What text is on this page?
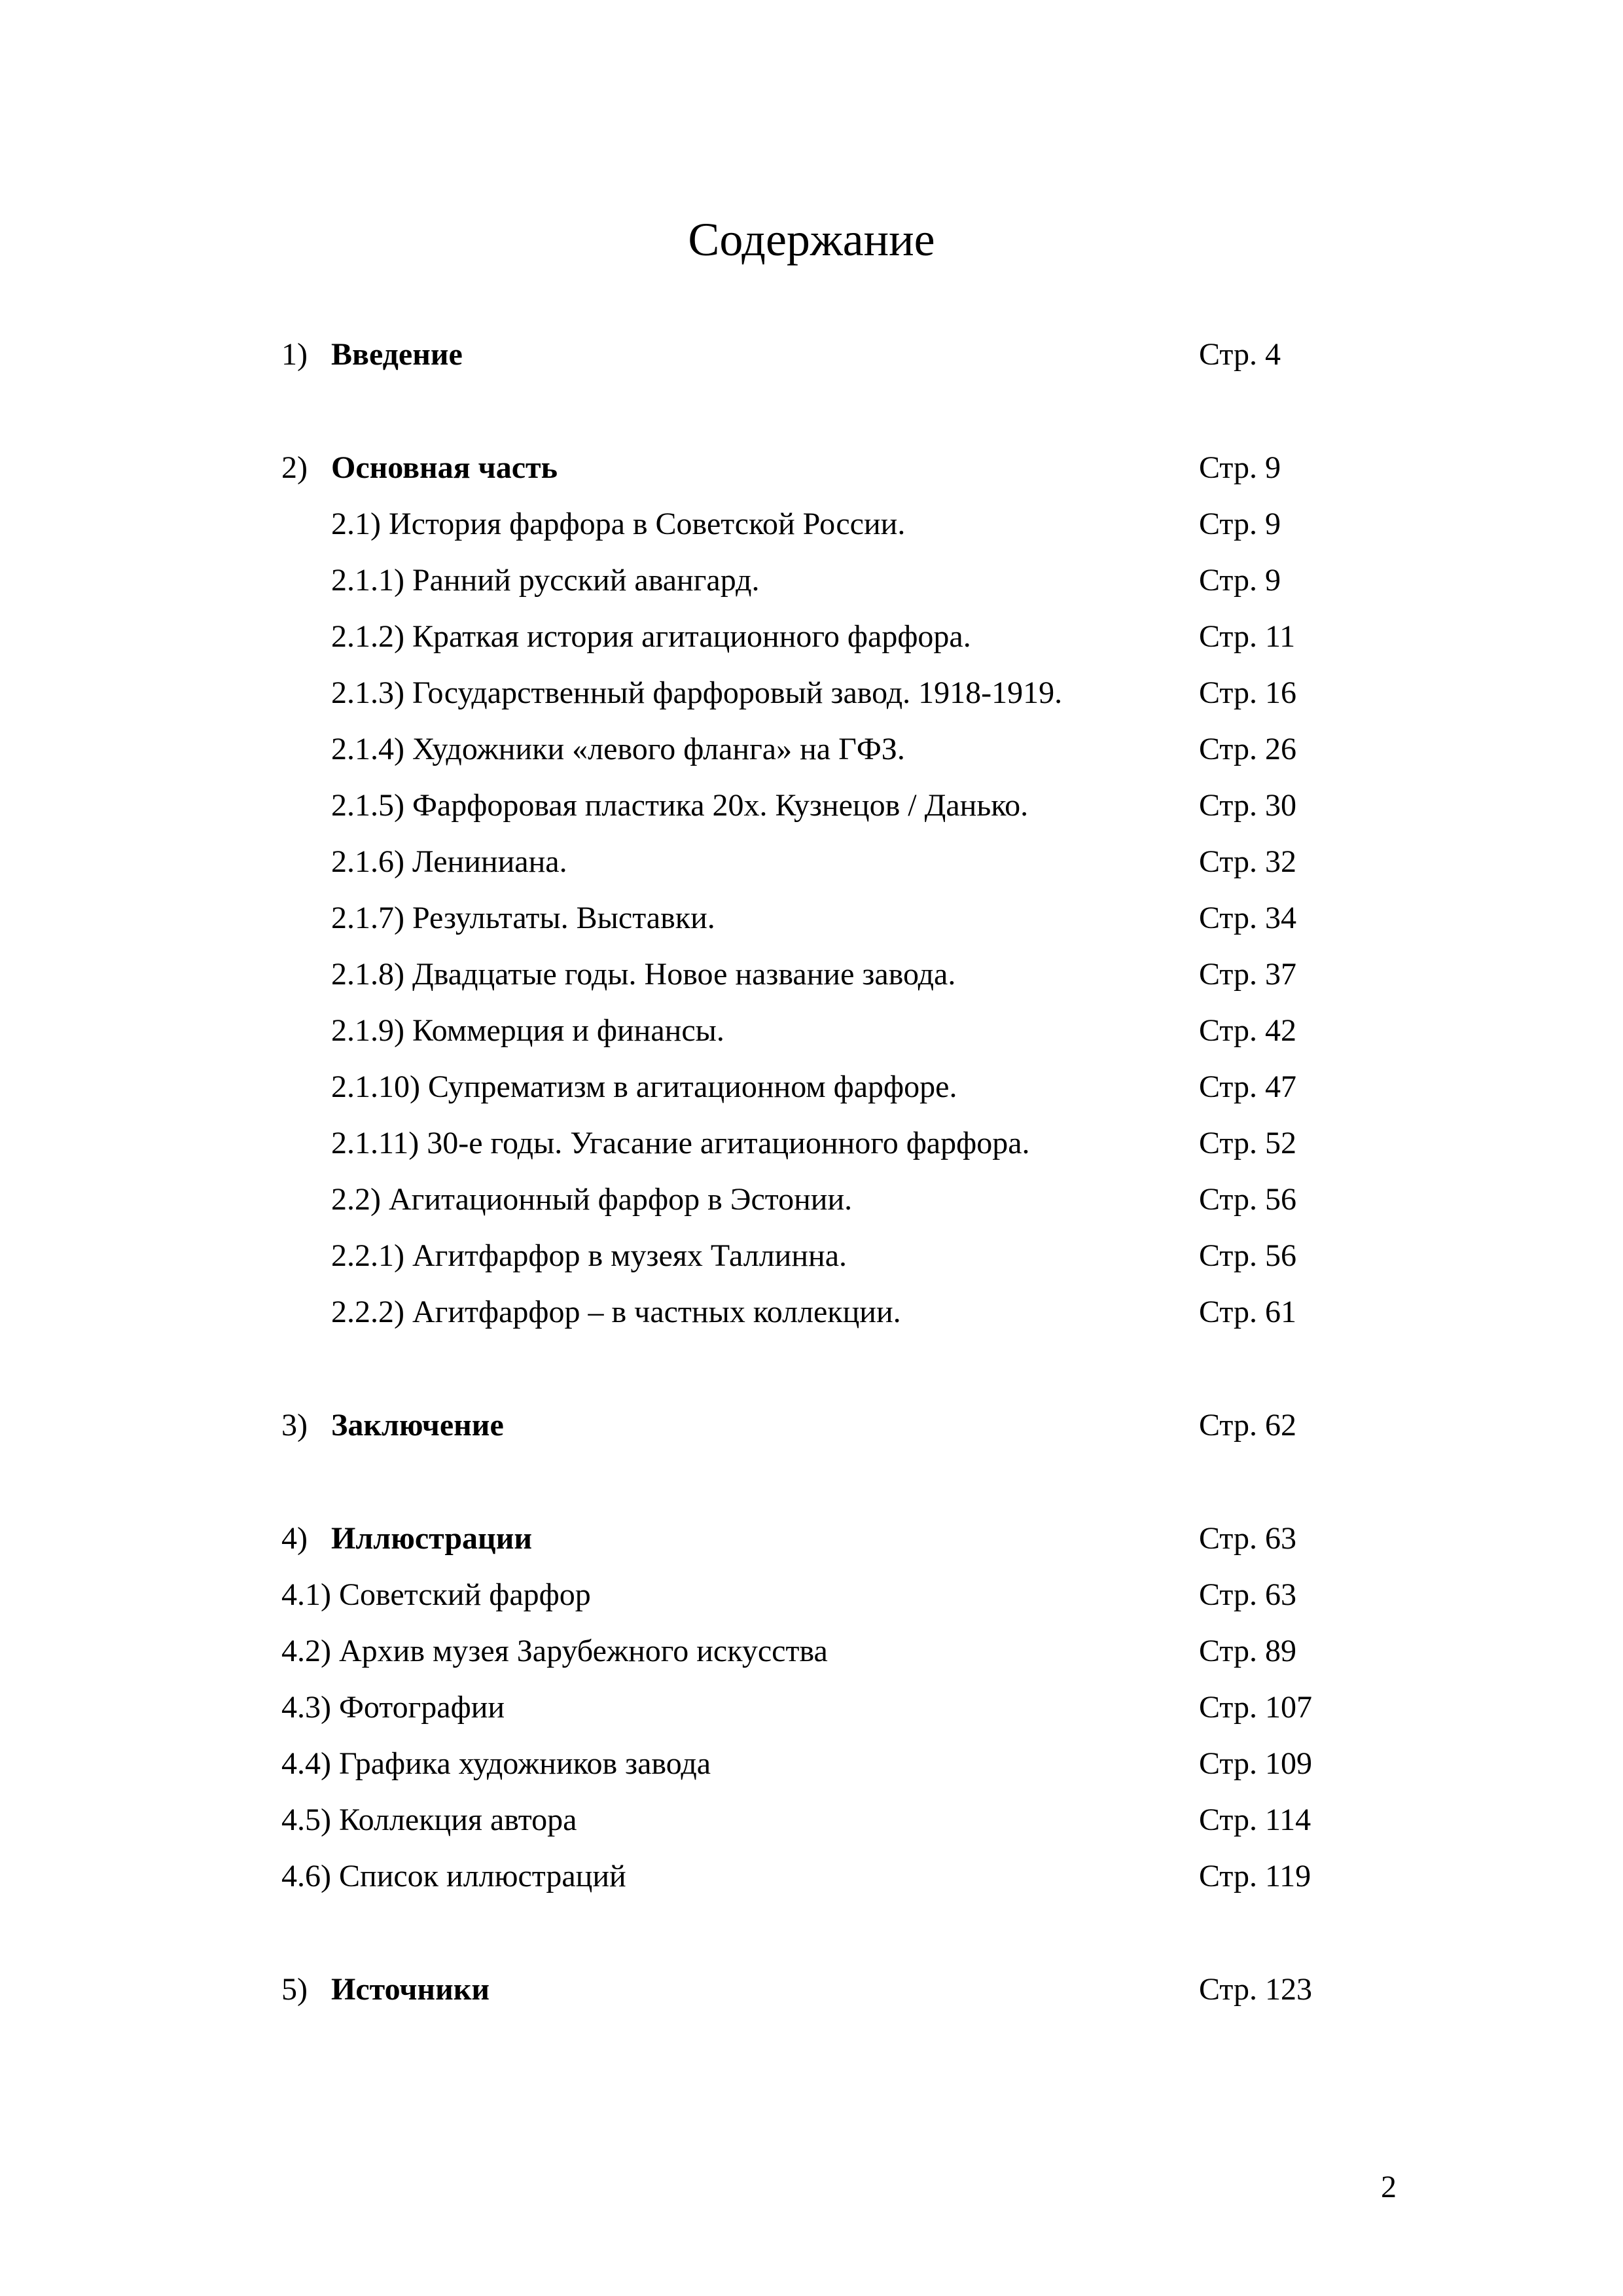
Содержание
1) Введение	Стр. 4
2) Основная часть	Стр. 9
2.1) История фарфора в Советской России.	Стр. 9
2.1.1) Ранний русский авангард.	Стр. 9
2.1.2) Краткая история агитационного фарфора.	Стр. 11
2.1.3) Государственный фарфоровый завод. 1918-1919.	Стр. 16
2.1.4) Художники «левого фланга» на ГФЗ.	Стр. 26
2.1.5) Фарфоровая пластика 20х. Кузнецов / Данько.	Стр. 30
2.1.6) Лениниана.	Стр. 32
2.1.7) Результаты. Выставки.	Стр. 34
2.1.8) Двадцатые годы. Новое название завода.	Стр. 37
2.1.9) Коммерция и финансы.	Стр. 42
2.1.10) Супрематизм в агитационном фарфоре.	Стр. 47
2.1.11) 30-е годы. Угасание агитационного фарфора.	Стр. 52
2.2) Агитационный фарфор в Эстонии.	Стр. 56
2.2.1) Агитфарфор в музеях Таллинна.	Стр. 56
2.2.2) Агитфарфор – в частных коллекции.	Стр. 61
3) Заключение	Стр. 62
4) Иллюстрации	Стр. 63
4.1) Советский фарфор	Стр. 63
4.2) Архив музея Зарубежного искусства	Стр. 89
4.3) Фотографии	Стр. 107
4.4) Графика художников завода	Стр. 109
4.5) Коллекция автора	Стр. 114
4.6) Список иллюстраций	Стр. 119
5) Источники	Стр. 123
2
